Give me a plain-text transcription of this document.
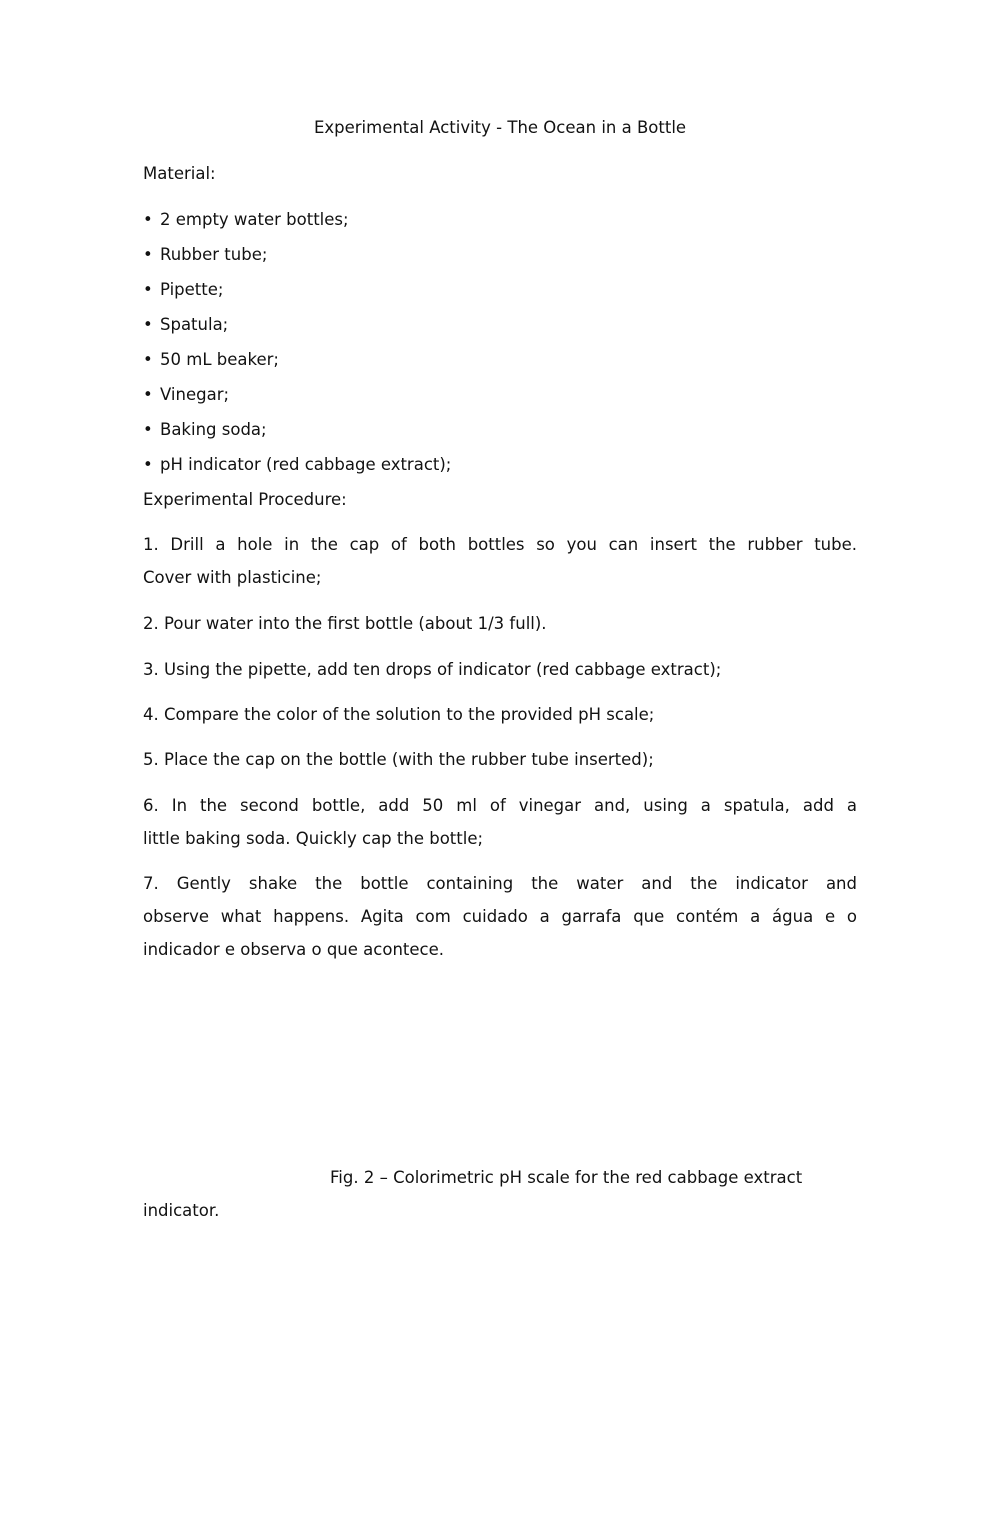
Experimental Activity - The Ocean in a Bottle
Material:
• 2 empty water bottles;
• Rubber tube;
• Pipette;
• Spatula;
• 50 mL beaker;
• Vinegar;
• Baking soda;
• pH indicator (red cabbage extract);
Experimental Procedure:
1. Drill a hole in the cap of both bottles so you can insert the rubber tube.
Cover with plasticine;
2. Pour water into the first bottle (about 1/3 full).
3. Using the pipette, add ten drops of indicator (red cabbage extract);
4. Compare the color of the solution to the provided pH scale;
5. Place the cap on the bottle (with the rubber tube inserted);
6. In the second bottle, add 50 ml of vinegar and, using a spatula, add a
little baking soda. Quickly cap the bottle;
7. Gently shake the bottle containing the water and the indicator and
observe what happens. Agita com cuidado a garrafa que contém a água e o
indicador e observa o que acontece.
Fig. 2 – Colorimetric pH scale for the red cabbage extract
indicator.
